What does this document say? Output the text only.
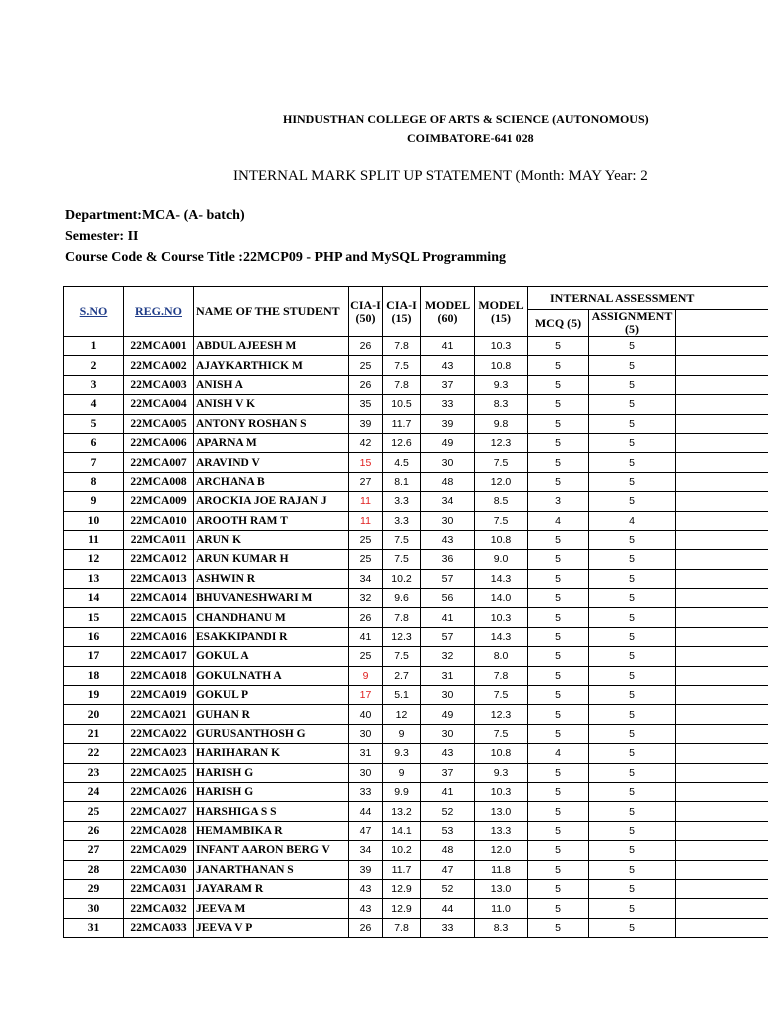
HINDUSTHAN COLLEGE OF ARTS & SCIENCE (AUTONOMOUS)
COIMBATORE-641 028
INTERNAL MARK SPLIT UP STATEMENT (Month: MAY Year: 2
Department:MCA- (A- batch)
Semester: II
Course Code & Course Title :22MCP09 - PHP and MySQL Programming
S.NO	REG.NO	NAME OF THE STUDENT	CIA-I (50)	CIA-I (15)	MODEL (60)	MODEL (15)	INTERNAL ASSESSMENT		
							MCQ (5)	ASSIGNMENT (5)	
1	22MCA001	ABDUL AJEESH M	26	7.8	41	10.3	5	5	
2	22MCA002	AJAYKARTHICK M	25	7.5	43	10.8	5	5	
3	22MCA003	ANISH A	26	7.8	37	9.3	5	5	
4	22MCA004	ANISH V K	35	10.5	33	8.3	5	5	
5	22MCA005	ANTONY ROSHAN S	39	11.7	39	9.8	5	5	
6	22MCA006	APARNA M	42	12.6	49	12.3	5	5	
7	22MCA007	ARAVIND V	15	4.5	30	7.5	5	5	
8	22MCA008	ARCHANA B	27	8.1	48	12.0	5	5	
9	22MCA009	AROCKIA JOE RAJAN J	11	3.3	34	8.5	3	5	
10	22MCA010	AROOTH RAM T	11	3.3	30	7.5	4	4	
11	22MCA011	ARUN K	25	7.5	43	10.8	5	5	
12	22MCA012	ARUN KUMAR H	25	7.5	36	9.0	5	5	
13	22MCA013	ASHWIN R	34	10.2	57	14.3	5	5	
14	22MCA014	BHUVANESHWARI M	32	9.6	56	14.0	5	5	
15	22MCA015	CHANDHANU M	26	7.8	41	10.3	5	5	
16	22MCA016	ESAKKIPANDI R	41	12.3	57	14.3	5	5	
17	22MCA017	GOKUL A	25	7.5	32	8.0	5	5	
18	22MCA018	GOKULNATH A	9	2.7	31	7.8	5	5	
19	22MCA019	GOKUL P	17	5.1	30	7.5	5	5	
20	22MCA021	GUHAN R	40	12	49	12.3	5	5	
21	22MCA022	GURUSANTHOSH G	30	9	30	7.5	5	5	
22	22MCA023	HARIHARAN K	31	9.3	43	10.8	4	5	
23	22MCA025	HARISH G	30	9	37	9.3	5	5	
24	22MCA026	HARISH G	33	9.9	41	10.3	5	5	
25	22MCA027	HARSHIGA S S	44	13.2	52	13.0	5	5	
26	22MCA028	HEMAMBIKA R	47	14.1	53	13.3	5	5	
27	22MCA029	INFANT AARON BERG V	34	10.2	48	12.0	5	5	
28	22MCA030	JANARTHANAN S	39	11.7	47	11.8	5	5	
29	22MCA031	JAYARAM R	43	12.9	52	13.0	5	5	
30	22MCA032	JEEVA M	43	12.9	44	11.0	5	5	
31	22MCA033	JEEVA V P	26	7.8	33	8.3	5	5	
